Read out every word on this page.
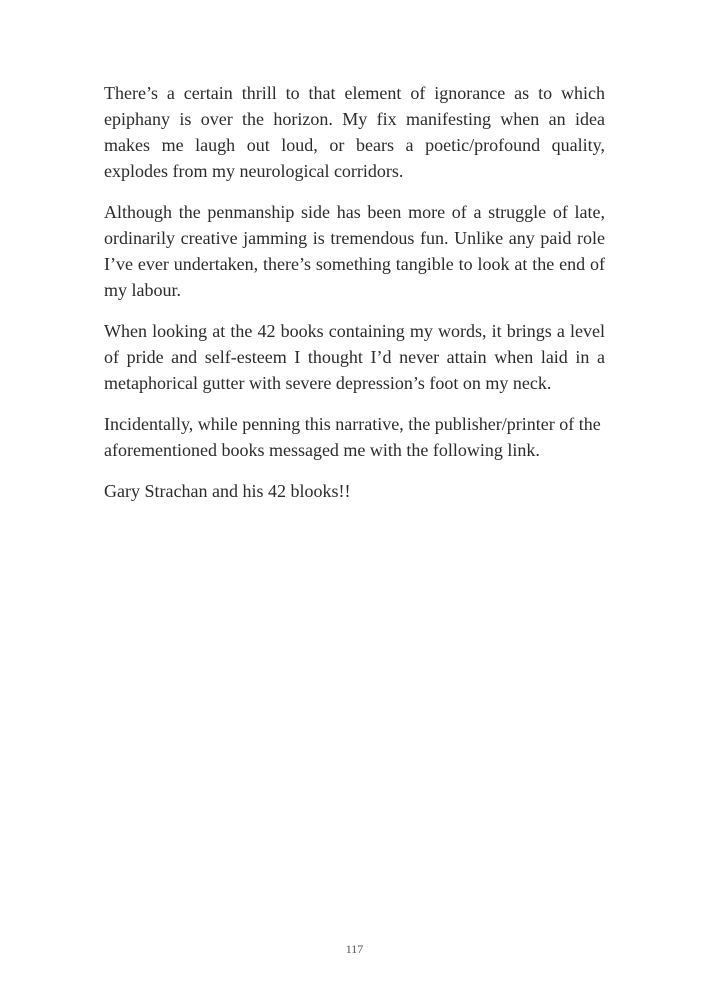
There’s a certain thrill to that element of ignorance as to which epiphany is over the horizon. My fix manifesting when an idea makes me laugh out loud, or bears a poetic/profound quality, explodes from my neurological corridors.

Although the penmanship side has been more of a struggle of late, ordinarily creative jamming is tremendous fun. Unlike any paid role I’ve ever undertaken, there’s something tangible to look at the end of my labour.

When looking at the 42 books containing my words, it brings a level of pride and self-esteem I thought I’d never attain when laid in a metaphorical gutter with severe depression’s foot on my neck.

Incidentally, while penning this narrative, the publisher/printer of the aforementioned books messaged me with the following link.

Gary Strachan and his 42 blooks!!

117
